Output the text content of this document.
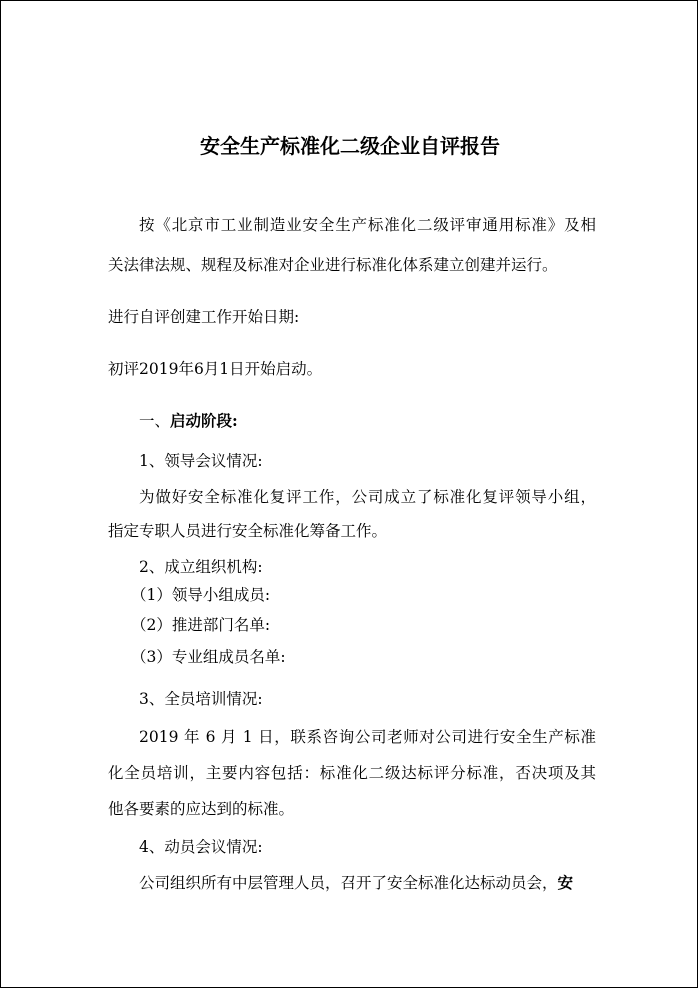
安全生产标准化二级企业自评报告
按《北京市工业制造业安全生产标准化二级评审通用标准》及相
关法律法规、规程及标准对企业进行标准化体系建立创建并运行。
进行自评创建工作开始日期:
初评2019年6月1日开始启动。
一、启动阶段:
1、领导会议情况:
为做好安全标准化复评工作，公司成立了标准化复评领导小组，
指定专职人员进行安全标准化筹备工作。
2、成立组织机构:
（1）领导小组成员:
（2）推进部门名单:
（3）专业组成员名单:
3、全员培训情况:
2019 年 6 月 1 日，联系咨询公司老师对公司进行安全生产标准
化全员培训，主要内容包括：标准化二级达标评分标准，否决项及其
他各要素的应达到的标准。
4、动员会议情况:
公司组织所有中层管理人员，召开了安全标准化达标动员会，安
